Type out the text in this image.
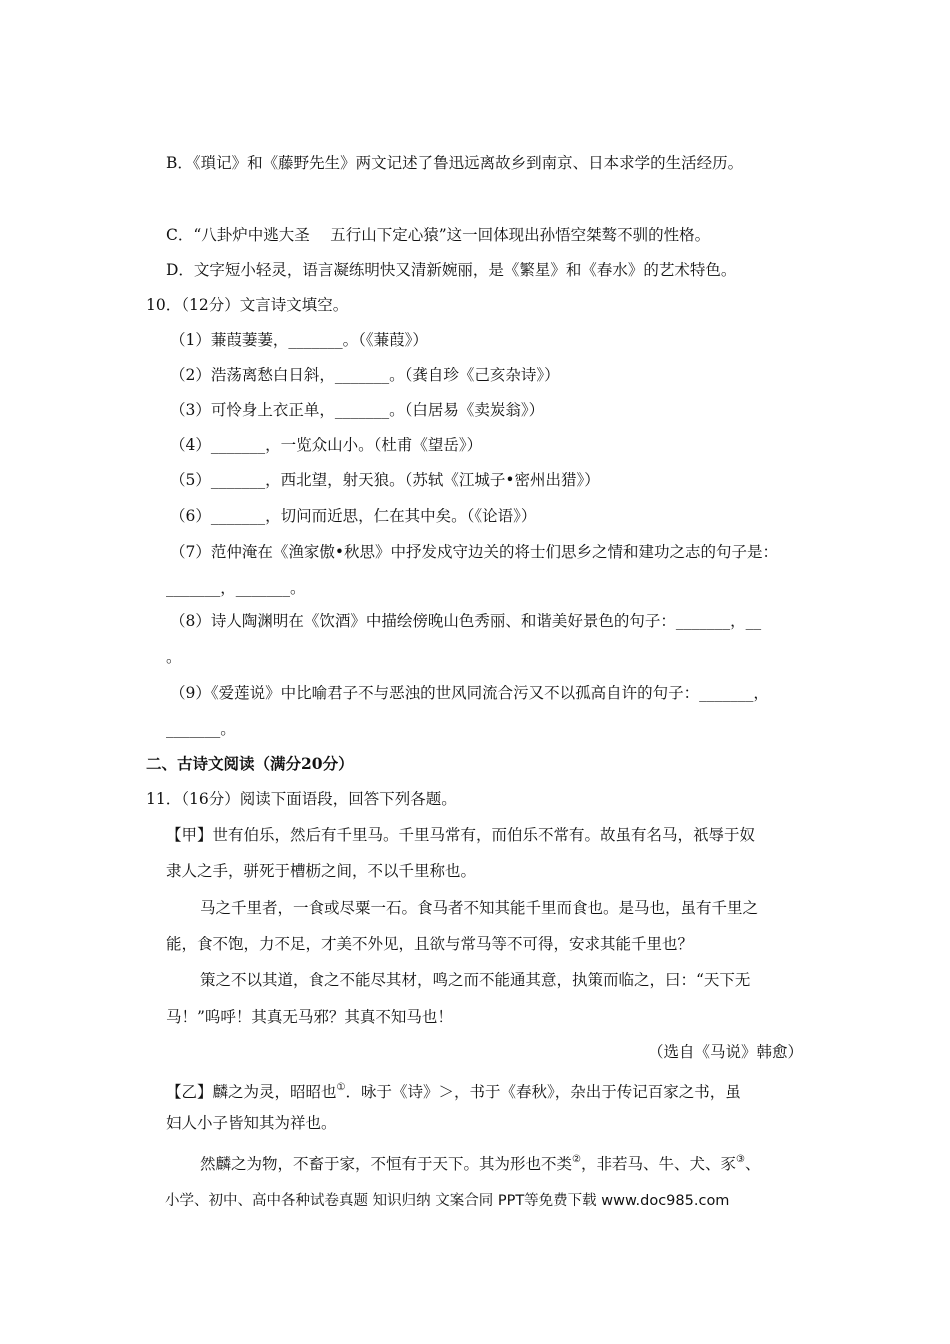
B．《瑣记》和《藤野先生》两文记述了鲁迅远离故乡到南京、日本求学的生活经历。
C．“八卦炉中逃大圣　 五行山下定心猿”这一回体现出孙悟空桀骜不驯的性格。
D．文字短小轻灵，语言凝练明快又清新婉丽，是《繁星》和《春水》的艺术特色。
10．（12分）文言诗文填空。
（1）蒹葭萋萋，_______。（《蒹葭》）
（2）浩荡离愁白日斜，_______。（龚自珍《己亥杂诗》）
（3）可怜身上衣正单，_______。（白居易《卖炭翁》）
（4）_______，一览众山小。（杜甫《望岳》）
（5）_______，西北望，射天狼。（苏轼《江城子•密州出猎》）
（6）_______，切问而近思，仁在其中矣。（《论语》）
（7）范仲淹在《渔家傲•秋思》中抒发戍守边关的将士们思乡之情和建功之志的句子是：
_______，_______。
（8）诗人陶渊明在《饮酒》中描绘傍晚山色秀丽、和谐美好景色的句子：_______，__
。
（9）《爱莲说》中比喻君子不与恶浊的世风同流合污又不以孤高自许的句子：_______，
_______。
二、古诗文阅读（满分20分）
11．（16分）阅读下面语段，回答下列各题。
【甲】世有伯乐，然后有千里马。千里马常有，而伯乐不常有。故虽有名马，祇辱于奴
隶人之手，骈死于槽枥之间，不以千里称也。
马之千里者，一食或尽粟一石。食马者不知其能千里而食也。是马也，虽有千里之
能，食不饱，力不足，才美不外见，且欲与常马等不可得，安求其能千里也？
策之不以其道，食之不能尽其材，鸣之而不能通其意，执策而临之，曰：“天下无
马！”呜呼！其真无马邪？其真不知马也！
（选自《马说》韩愈）
【乙】麟之为灵，昭昭也①．咏于《诗》＞，书于《春秋》，杂出于传记百家之书，虽
妇人小子皆知其为祥也。
然麟之为物，不畜于家，不恒有于天下。其为形也不类②，非若马、牛、犬、豕③、
小学、初中、高中各种试卷真题 知识归纳 文案合同 PPT等免费下载 www.doc985.com
